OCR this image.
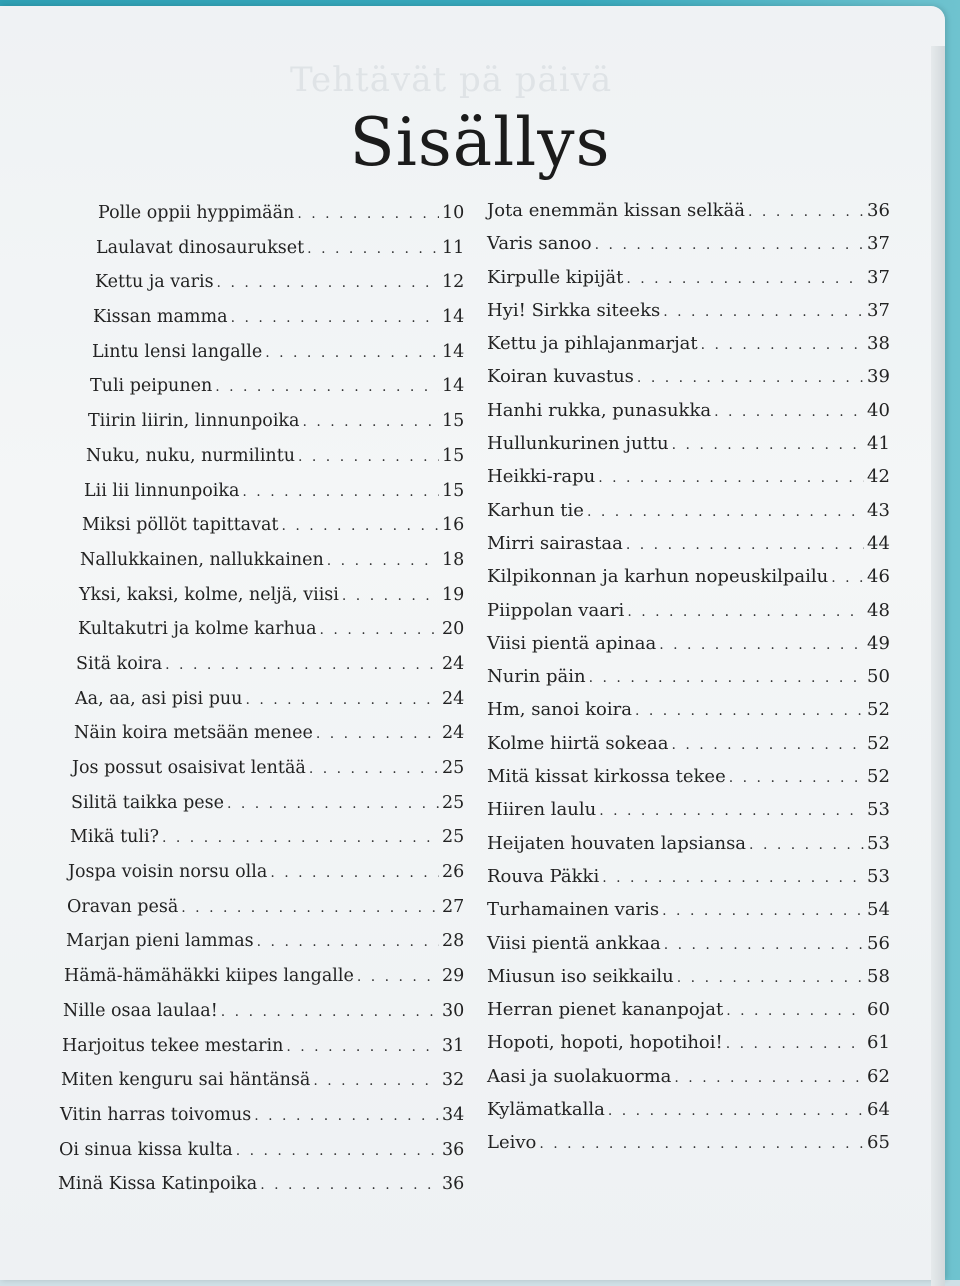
Tehtävät pä päivä
Sisällys
Polle oppii hyppimään . . .	10
Laulavat dinosaurukset . . .	11
Kettu ja varis . . .	12
Kissan mamma . . .	14
Lintu lensi langalle . . .	14
Tuli peipunen . . .	14
Tiirin liirin, linnunpoika . . .	15
Nuku, nuku, nurmilintu . . .	15
Lii lii linnunpoika . . .	15
Miksi pöllöt tapittavat . . .	16
Nallukkainen, nallukkainen . . .	18
Yksi, kaksi, kolme, neljä, viisi . . .	19
Kultakutri ja kolme karhua . . .	20
Sitä koira . . .	24
Aa, aa, asi pisi puu . . .	24
Näin koira metsään menee . . .	24
Jos possut osaisivat lentää . . .	25
Silitä taikka pese . . .	25
Mikä tuli? . . .	25
Jospa voisin norsu olla . . .	26
Oravan pesä . . .	27
Marjan pieni lammas . . .	28
Hämä-hämähäkki kiipes langalle . . .	29
Nille osaa laulaa! . . .	30
Harjoitus tekee mestarin . . .	31
Miten kenguru sai häntänsä . . .	32
Vitin harras toivomus . . .	34
Oi sinua kissa kulta . . .	36
Minä Kissa Katinpoika . . .	36
Jota enemmän kissan selkää . . .	36
Varis sanoo . . .	37
Kirpulle kipijät . . .	37
Hyi! Sirkka siteeks . . .	37
Kettu ja pihlajanmarjat . . .	38
Koiran kuvastus . . .	39
Hanhi rukka, punasukka . . .	40
Hullunkurinen juttu . . .	41
Heikki-rapu . . .	42
Karhun tie . . .	43
Mirri sairastaa . . .	44
Kilpikonnan ja karhun nopeuskilpailu . . . 46
Piippolan vaari . . .	48
Viisi pientä apinaa . . .	49
Nurin päin . . .	50
Hm, sanoi koira . . .	52
Kolme hiirtä sokeaa . . .	52
Mitä kissat kirkossa tekee . . .	52
Hiiren laulu . . .	53
Heijaten houvaten lapsiansa . . .	53
Rouva Päkki . . .	53
Turhamainen varis . . .	54
Viisi pientä ankkaa . . .	56
Miusun iso seikkailu . . .	58
Herran pienet kananpojat . . .	60
Hopoti, hopoti, hopotihoi! . . .	61
Aasi ja suolakuorma . . .	62
Kylämatkalla . . .	64
Leivo . . .	65
